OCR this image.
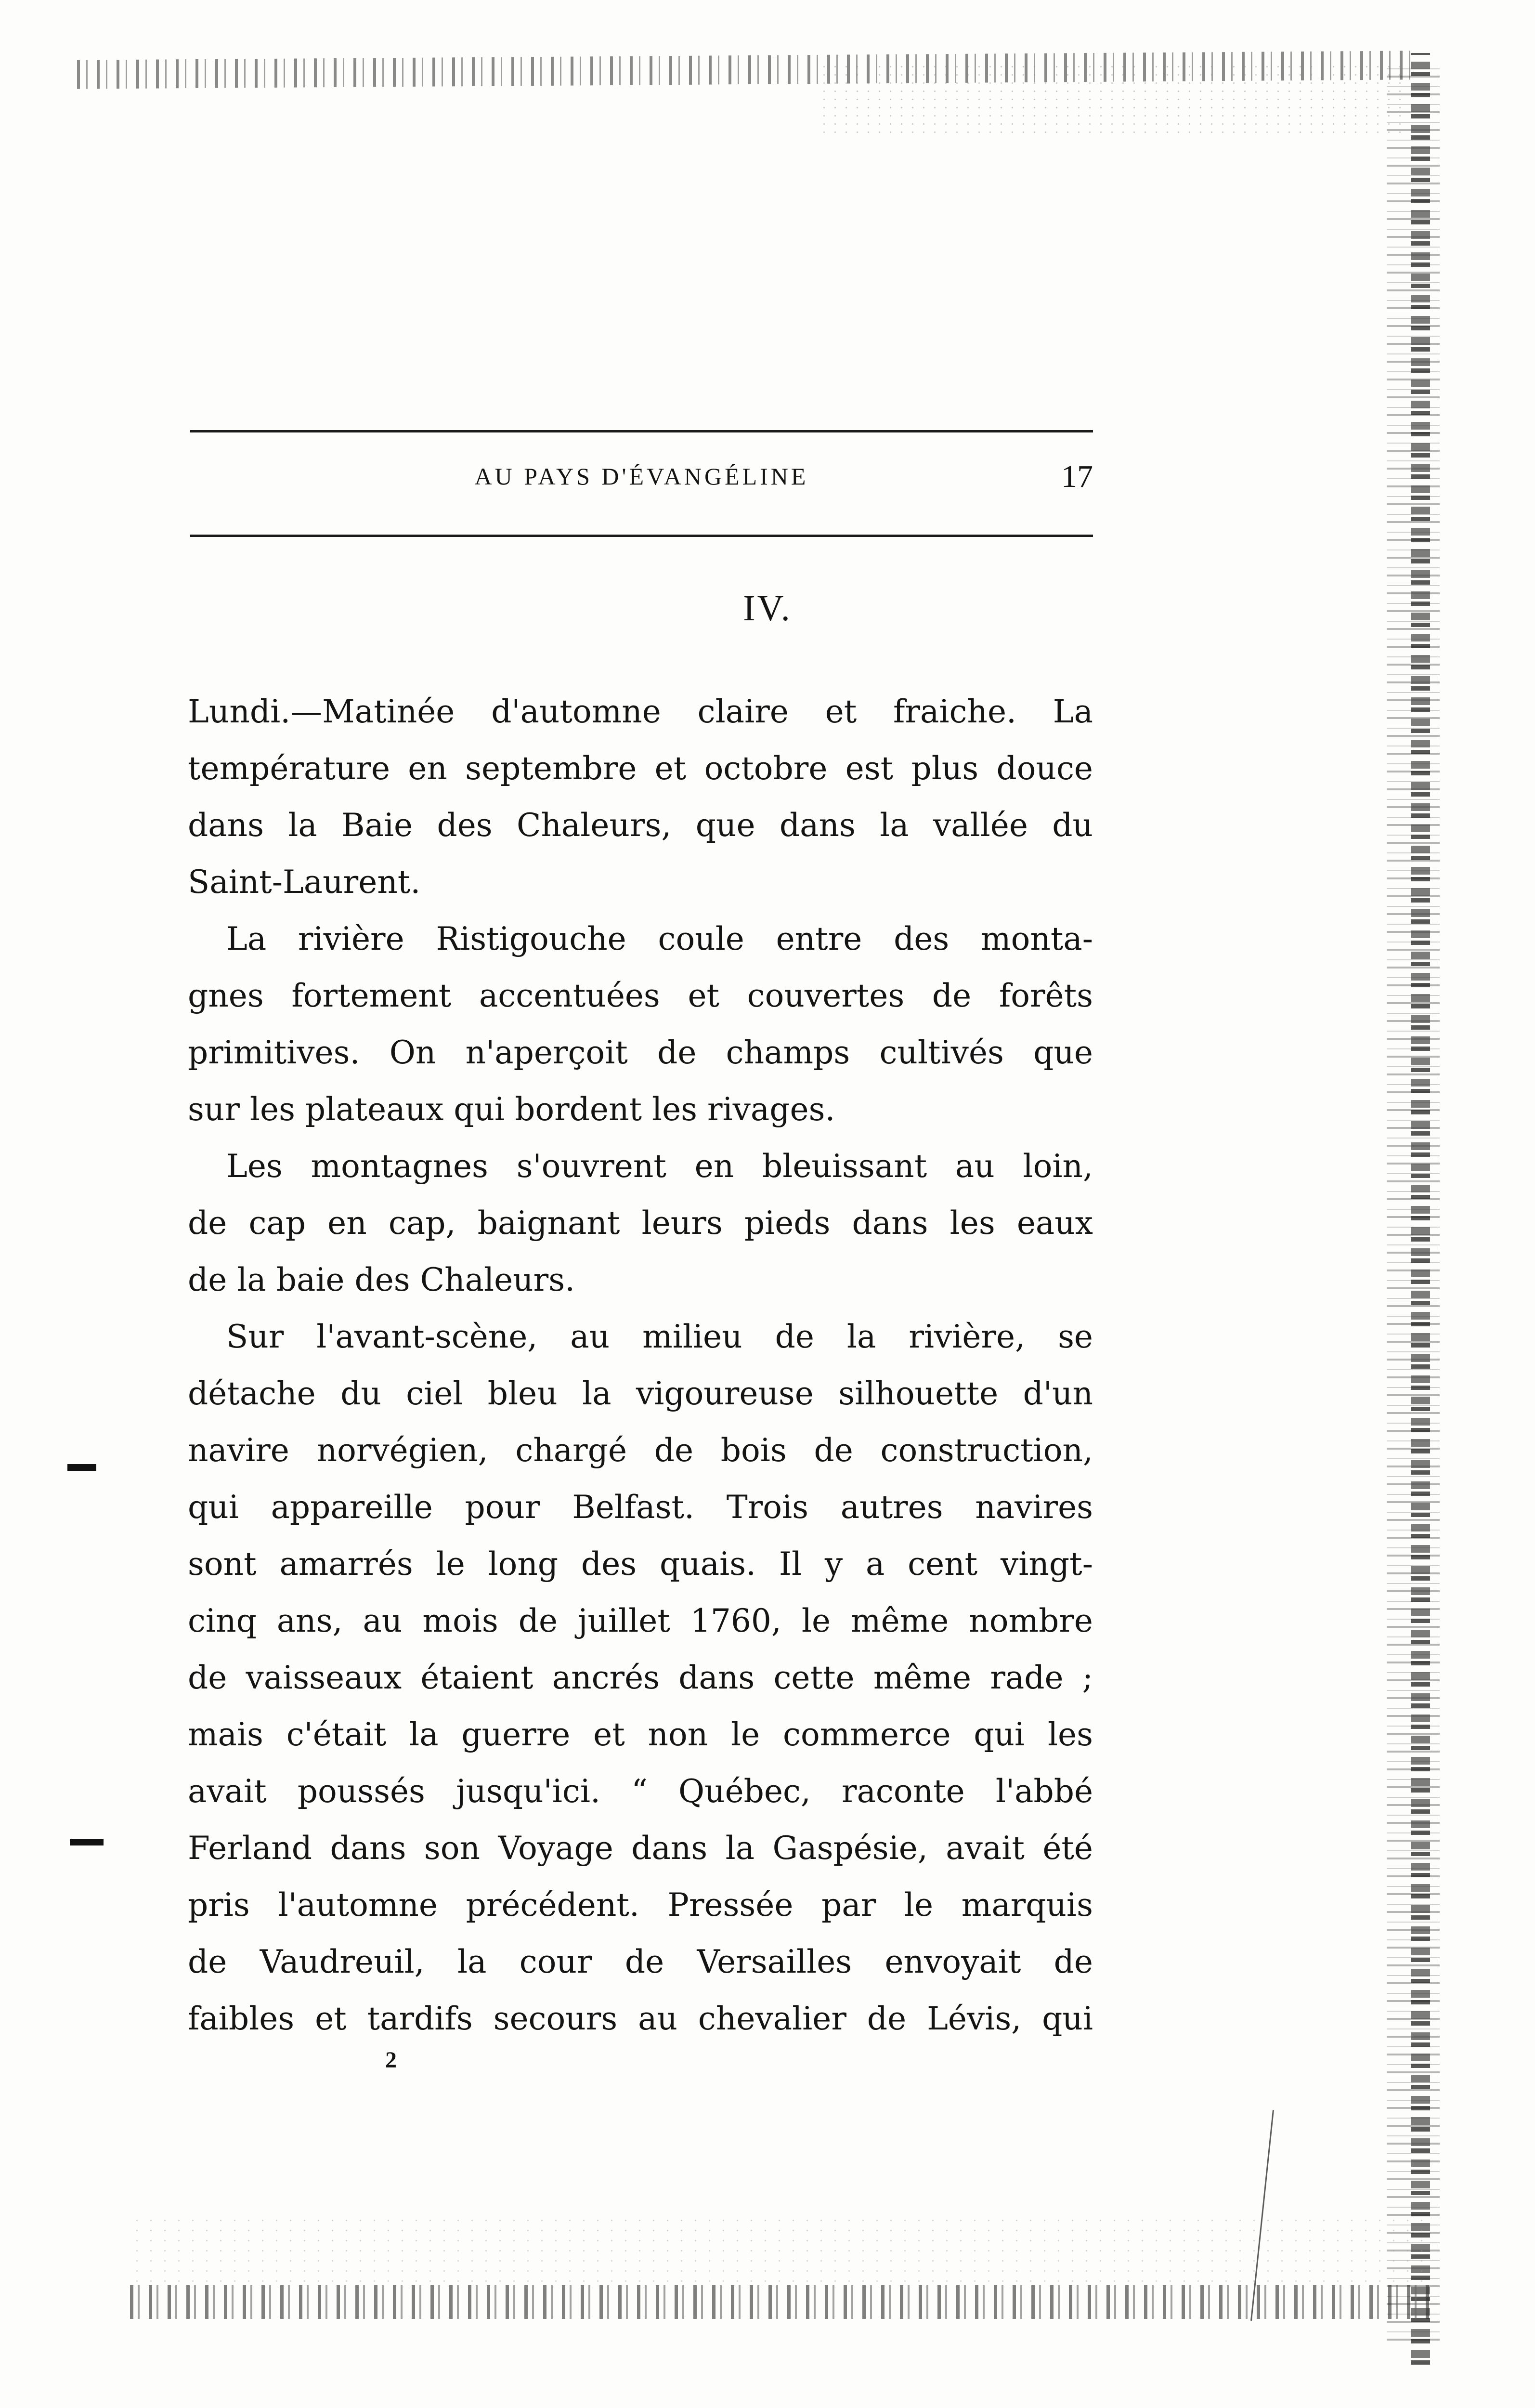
AU PAYS D'ÉVANGÉLINE	17
IV.
Lundi.—Matinée d'automne claire et fraiche. La
température en septembre et octobre est plus douce
dans la Baie des Chaleurs, que dans la vallée du
Saint-Laurent.
La rivière Ristigouche coule entre des monta-
gnes fortement accentuées et couvertes de forêts
primitives. On n'aperçoit de champs cultivés que
sur les plateaux qui bordent les rivages.
Les montagnes s'ouvrent en bleuissant au loin,
de cap en cap, baignant leurs pieds dans les eaux
de la baie des Chaleurs.
Sur l'avant-scène, au milieu de la rivière, se
détache du ciel bleu la vigoureuse silhouette d'un
navire norvégien, chargé de bois de construction,
qui appareille pour Belfast. Trois autres navires
sont amarrés le long des quais. Il y a cent vingt-
cinq ans, au mois de juillet 1760, le même nombre
de vaisseaux étaient ancrés dans cette même rade ;
mais c'était la guerre et non le commerce qui les
avait poussés jusqu'ici. “ Québec, raconte l'abbé
Ferland dans son Voyage dans la Gaspésie, avait été
pris l'automne précédent. Pressée par le marquis
de Vaudreuil, la cour de Versailles envoyait de
faibles et tardifs secours au chevalier de Lévis, qui
2
